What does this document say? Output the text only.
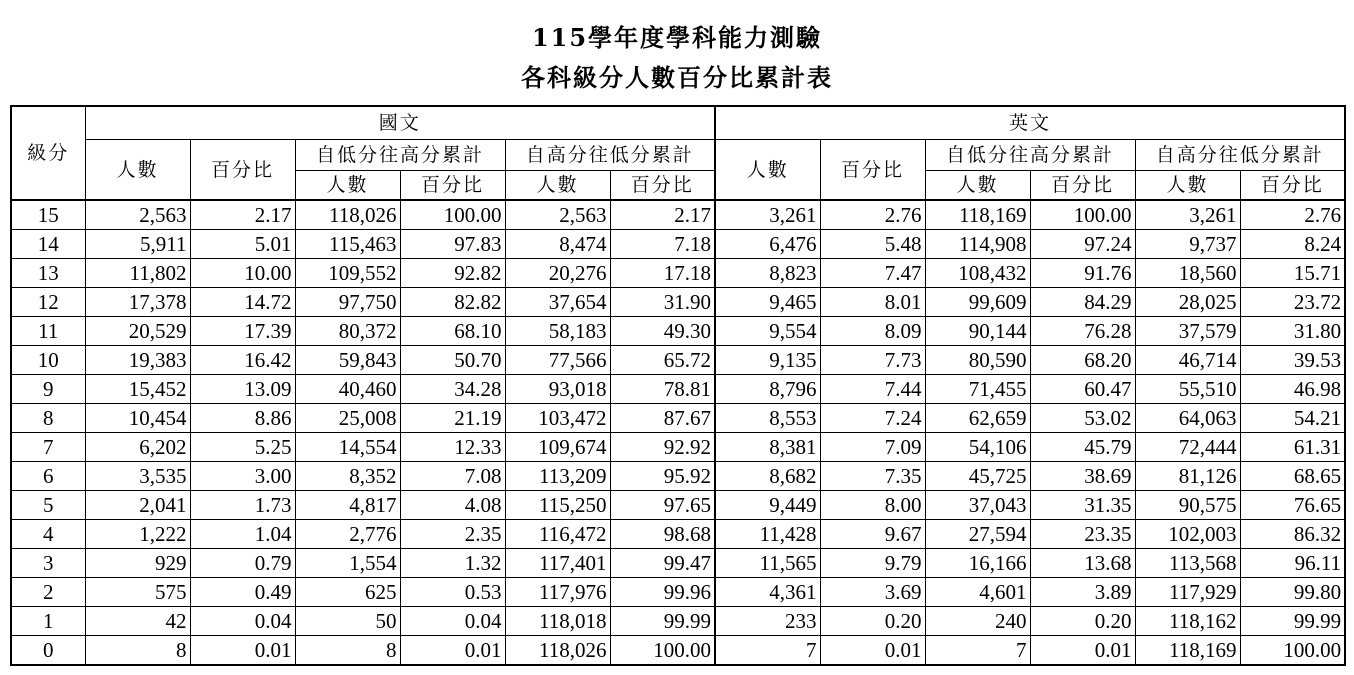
115學年度學科能力測驗
各科級分人數百分比累計表
級分	國文						英文					
	人數	百分比	自低分往高分累計		自高分往低分累計		人數	百分比	自低分往高分累計		自高分往低分累計	
			人數	百分比	人數	百分比			人數	百分比	人數	百分比
15	2,563	2.17	118,026	100.00	2,563	2.17	3,261	2.76	118,169	100.00	3,261	2.76
14	5,911	5.01	115,463	97.83	8,474	7.18	6,476	5.48	114,908	97.24	9,737	8.24
13	11,802	10.00	109,552	92.82	20,276	17.18	8,823	7.47	108,432	91.76	18,560	15.71
12	17,378	14.72	97,750	82.82	37,654	31.90	9,465	8.01	99,609	84.29	28,025	23.72
11	20,529	17.39	80,372	68.10	58,183	49.30	9,554	8.09	90,144	76.28	37,579	31.80
10	19,383	16.42	59,843	50.70	77,566	65.72	9,135	7.73	80,590	68.20	46,714	39.53
9	15,452	13.09	40,460	34.28	93,018	78.81	8,796	7.44	71,455	60.47	55,510	46.98
8	10,454	8.86	25,008	21.19	103,472	87.67	8,553	7.24	62,659	53.02	64,063	54.21
7	6,202	5.25	14,554	12.33	109,674	92.92	8,381	7.09	54,106	45.79	72,444	61.31
6	3,535	3.00	8,352	7.08	113,209	95.92	8,682	7.35	45,725	38.69	81,126	68.65
5	2,041	1.73	4,817	4.08	115,250	97.65	9,449	8.00	37,043	31.35	90,575	76.65
4	1,222	1.04	2,776	2.35	116,472	98.68	11,428	9.67	27,594	23.35	102,003	86.32
3	929	0.79	1,554	1.32	117,401	99.47	11,565	9.79	16,166	13.68	113,568	96.11
2	575	0.49	625	0.53	117,976	99.96	4,361	3.69	4,601	3.89	117,929	99.80
1	42	0.04	50	0.04	118,018	99.99	233	0.20	240	0.20	118,162	99.99
0	8	0.01	8	0.01	118,026	100.00	7	0.01	7	0.01	118,169	100.00
